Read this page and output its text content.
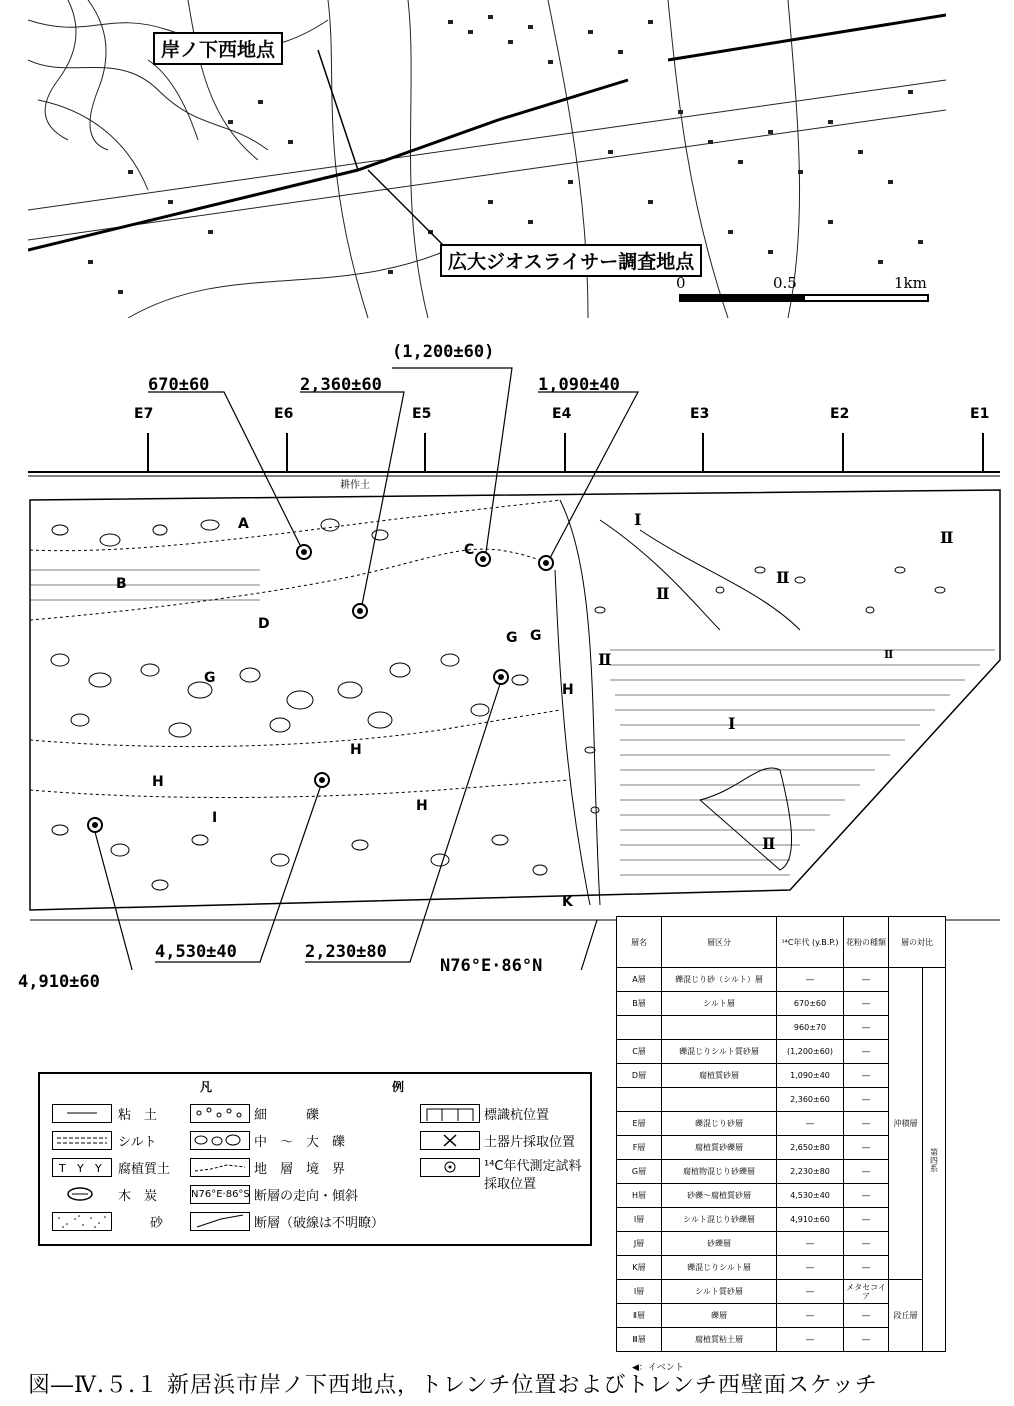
岸ノ下西地点
広大ジオスライサー調査地点
0	0.5	1km
670±60	2,360±60
(1,200±60)
1,090±40
4,530±40	2,230±80
4,910±60
N76°E·86°N
E7	E6	E5	E4	E3	E2	E1
耕作土
A
B
C
D
G
G
H
H
H
I
K
H
G
Ⅰ
Ⅰ
Ⅱ
Ⅱ
Ⅱ
Ⅱ	Ⅱ
Ⅱ
凡	例
粘　土
シルト
T Y Y 腐植質土
木　炭
砂
細　　　礫
中　～　大　礫
地　層　境　界
N76°E·86°S 断層の走向・傾斜
断層（破線は不明瞭）
標識杭位置
土器片採取位置
¹⁴C年代測定試料採取位置
層名	層区分	¹⁴C年代 (y.B.P.)	花粉の種類	層の対比	
A層	礫混じり砂（シルト）層	―	―	沖積層	第四系
B層	シルト層	670±60	―		
		960±70	―		
C層	礫混じりシルト質砂層	(1,200±60)	―		
D層	腐植質砂層	1,090±40	―		
		2,360±60	―		
E層	礫混じり砂層	―	―		
F層	腐植質砂礫層	2,650±80	―		
G層	腐植物混じり砂礫層	2,230±80	―		
H層	砂礫～腐植質砂層	4,530±40	―		
I層	シルト混じり砂礫層	4,910±60	―		
J層	砂礫層	―	―		
K層	礫混じりシルト層	―	―		
Ⅰ層	シルト質砂層	―	メタセコイア	段丘層	
Ⅱ層	礫層	―	―		
Ⅲ層	腐植質粘土層	―	―		
◀：イベント
図―Ⅳ.５.１ 新居浜市岸ノ下西地点，トレンチ位置およびトレンチ西壁面スケッチ
